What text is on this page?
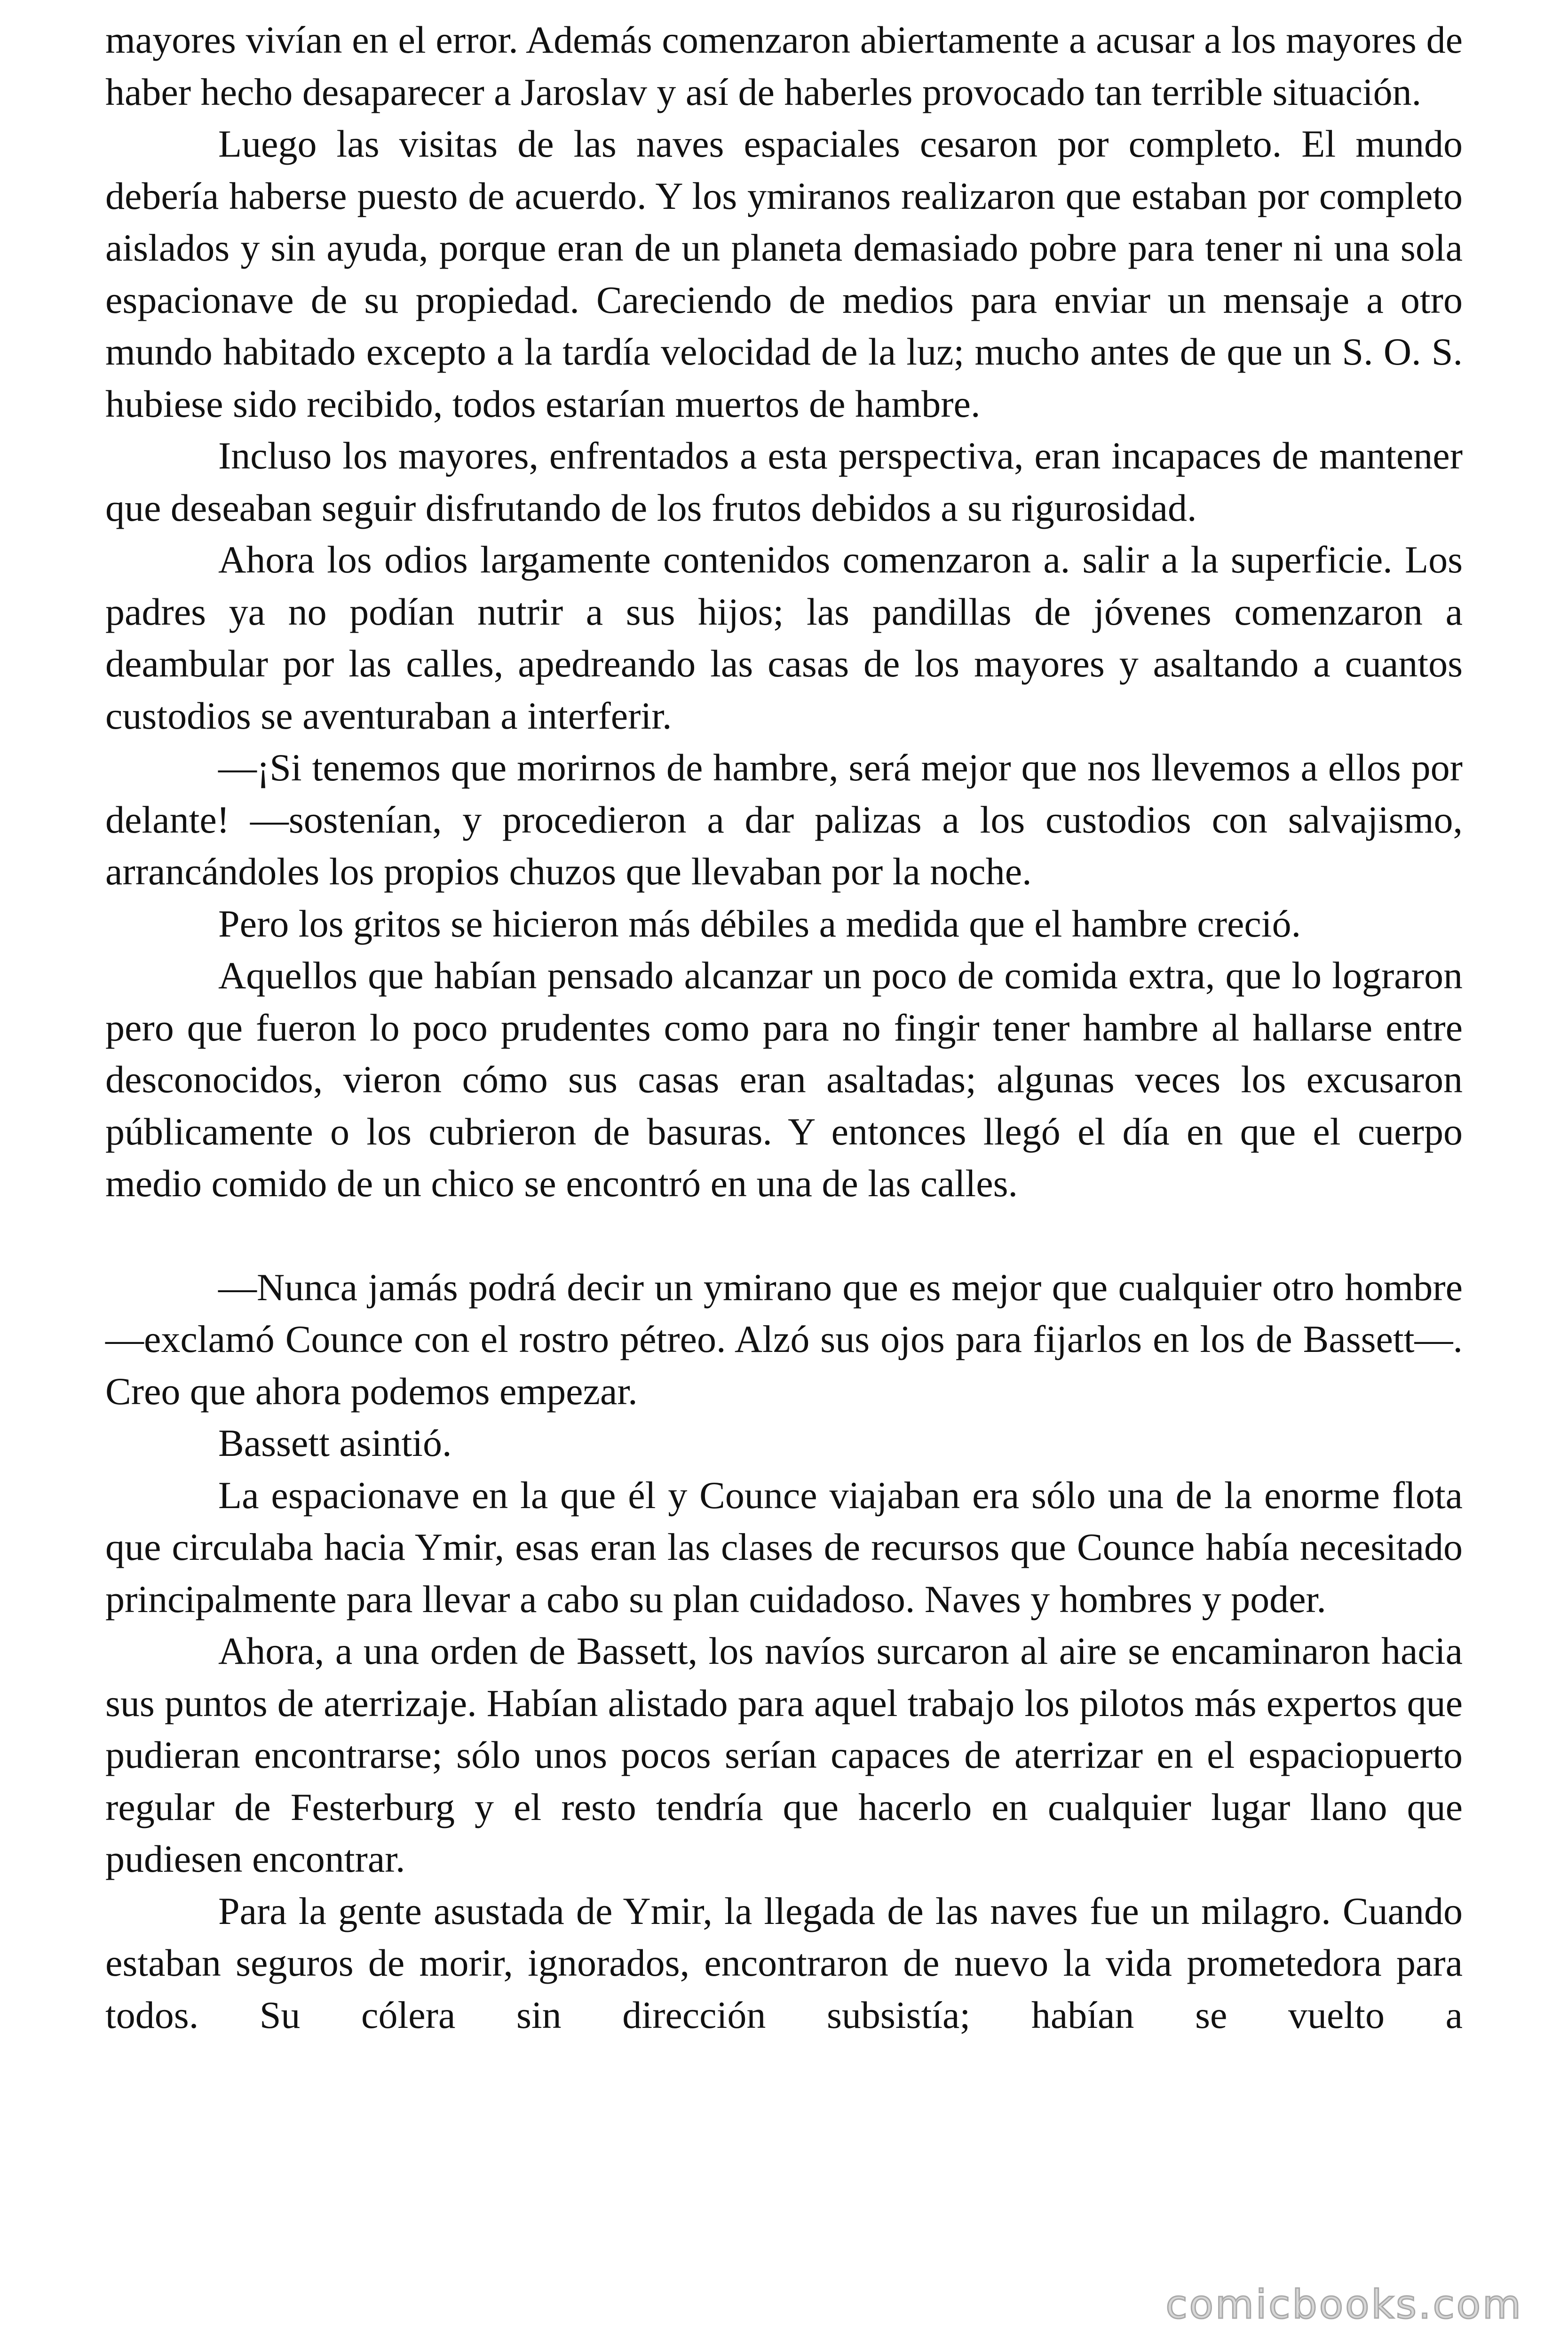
mayores vivían en el error. Además comenzaron abiertamente a acusar a los mayores de haber hecho desaparecer a Jaroslav y así de haberles provocado tan terrible situación.

Luego las visitas de las naves espaciales cesaron por completo. El mundo debería haberse puesto de acuerdo. Y los ymiranos realizaron que estaban por completo aislados y sin ayuda, porque eran de un planeta demasiado pobre para tener ni una sola espacionave de su propiedad. Careciendo de medios para enviar un mensaje a otro mundo habitado excepto a la tardía velocidad de la luz; mucho antes de que un S. O. S. hubiese sido recibido, todos estarían muertos de hambre.

Incluso los mayores, enfrentados a esta perspectiva, eran incapaces de mantener que deseaban seguir disfrutando de los frutos debidos a su rigurosidad.

Ahora los odios largamente contenidos comenzaron a. salir a la superficie. Los padres ya no podían nutrir a sus hijos; las pandillas de jóvenes comenzaron a deambular por las calles, apedreando las casas de los mayores y asaltando a cuantos custodios se aventuraban a interferir.

—¡Si tenemos que morirnos de hambre, será mejor que nos llevemos a ellos por delante! —sostenían, y procedieron a dar palizas a los custodios con salvajismo, arrancándoles los propios chuzos que llevaban por la noche.

Pero los gritos se hicieron más débiles a medida que el hambre creció.

Aquellos que habían pensado alcanzar un poco de comida extra, que lo lograron pero que fueron lo poco prudentes como para no fingir tener hambre al hallarse entre desconocidos, vieron cómo sus casas eran asaltadas; algunas veces los excusaron públicamente o los cubrieron de basuras. Y entonces llegó el día en que el cuerpo medio comido de un chico se encontró en una de las calles.

—Nunca jamás podrá decir un ymirano que es mejor que cualquier otro hombre —exclamó Counce con el rostro pétreo. Alzó sus ojos para fijarlos en los de Bassett—. Creo que ahora podemos empezar.

Bassett asintió.

La espacionave en la que él y Counce viajaban era sólo una de la enorme flota que circulaba hacia Ymir, esas eran las clases de recursos que Counce había necesitado principalmente para llevar a cabo su plan cuidadoso. Naves y hombres y poder.

Ahora, a una orden de Bassett, los navíos surcaron al aire se encaminaron hacia sus puntos de aterrizaje. Habían alistado para aquel trabajo los pilotos más expertos que pudieran encontrarse; sólo unos pocos serían capaces de aterrizar en el espaciopuerto regular de Festerburg y el resto tendría que hacerlo en cualquier lugar llano que pudiesen encontrar.

Para la gente asustada de Ymir, la llegada de las naves fue un milagro. Cuando estaban seguros de morir, ignorados, encontraron de nuevo la vida prometedora para todos. Su cólera sin dirección subsistía; habían se vuelto a

comicbooks.com
